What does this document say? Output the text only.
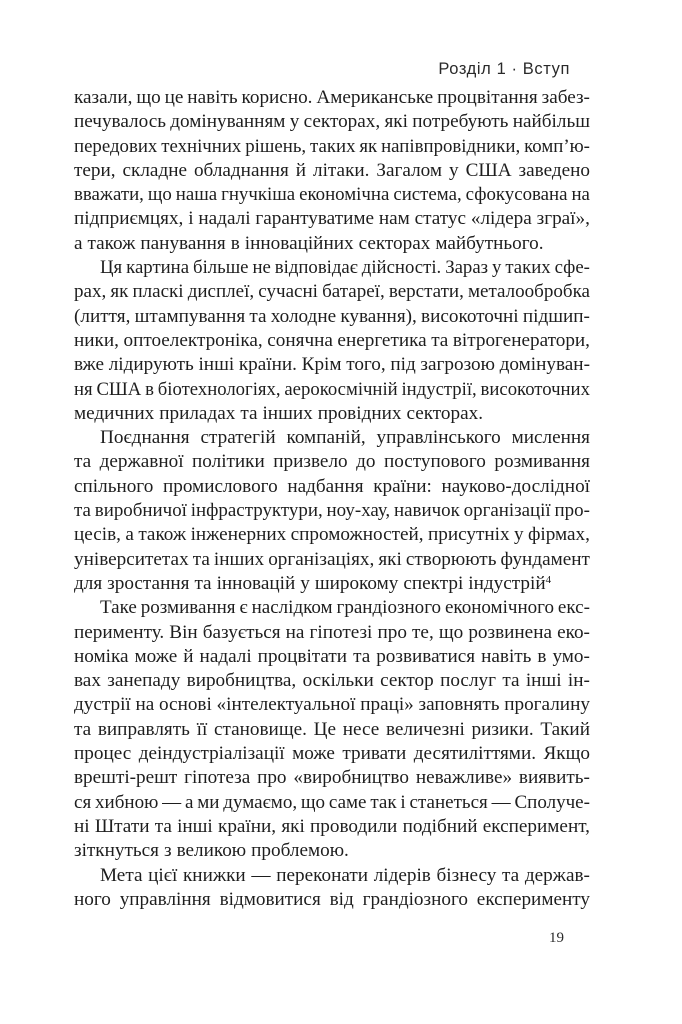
Розділ 1 · Вступ
казали, що це навіть корисно. Американське процвітання забез-
печувалось домінуванням у секторах, які потребують найбільш
передових технічних рішень, таких як напівпровідники, комп’ю-
тери, складне обладнання й літаки. Загалом у США заведено
вважати, що наша гнучкіша економічна система, сфокусована на
підприємцях, і надалі гарантуватиме нам статус «лідера зграї»,
а також панування в інноваційних секторах майбутнього.
Ця картина більше не відповідає дійсності. Зараз у таких сфе-
рах, як пласкі дисплеї, сучасні батареї, верстати, металообробка
(лиття, штампування та холодне кування), високоточні підшип-
ники, оптоелектроніка, сонячна енергетика та вітрогенератори,
вже лідирують інші країни. Крім того, під загрозою домінуван-
ня США в біотехнологіях, аерокосмічній індустрії, високоточних
медичних приладах та інших провідних секторах.
Поєднання стратегій компаній, управлінського мислення
та державної політики призвело до поступового розмивання
спільного промислового надбання країни: науково-дослідної
та виробничої інфраструктури, ноу-хау, навичок організації про-
цесів, а також інженерних спроможностей, присутніх у фірмах,
університетах та інших організаціях, які створюють фундамент
для зростання та інновацій у широкому спектрі індустрій$^4$
Таке розмивання є наслідком грандіозного економічного екс-
перименту. Він базується на гіпотезі про те, що розвинена еко-
номіка може й надалі процвітати та розвиватися навіть в умо-
вах занепаду виробництва, оскільки сектор послуг та інші ін-
дустрії на основі «інтелектуальної праці» заповнять прогалину
та виправлять її становище. Це несе величезні ризики. Такий
процес деіндустріалізації може тривати десятиліттями. Якщо
врешті-решт гіпотеза про «виробництво неважливе» виявить-
ся хибною — а ми думаємо, що саме так і станеться — Сполуче-
ні Штати та інші країни, які проводили подібний експеримент,
зіткнуться з великою проблемою.
Мета цієї книжки — переконати лідерів бізнесу та держав-
ного управління відмовитися від грандіозного експерименту
19
